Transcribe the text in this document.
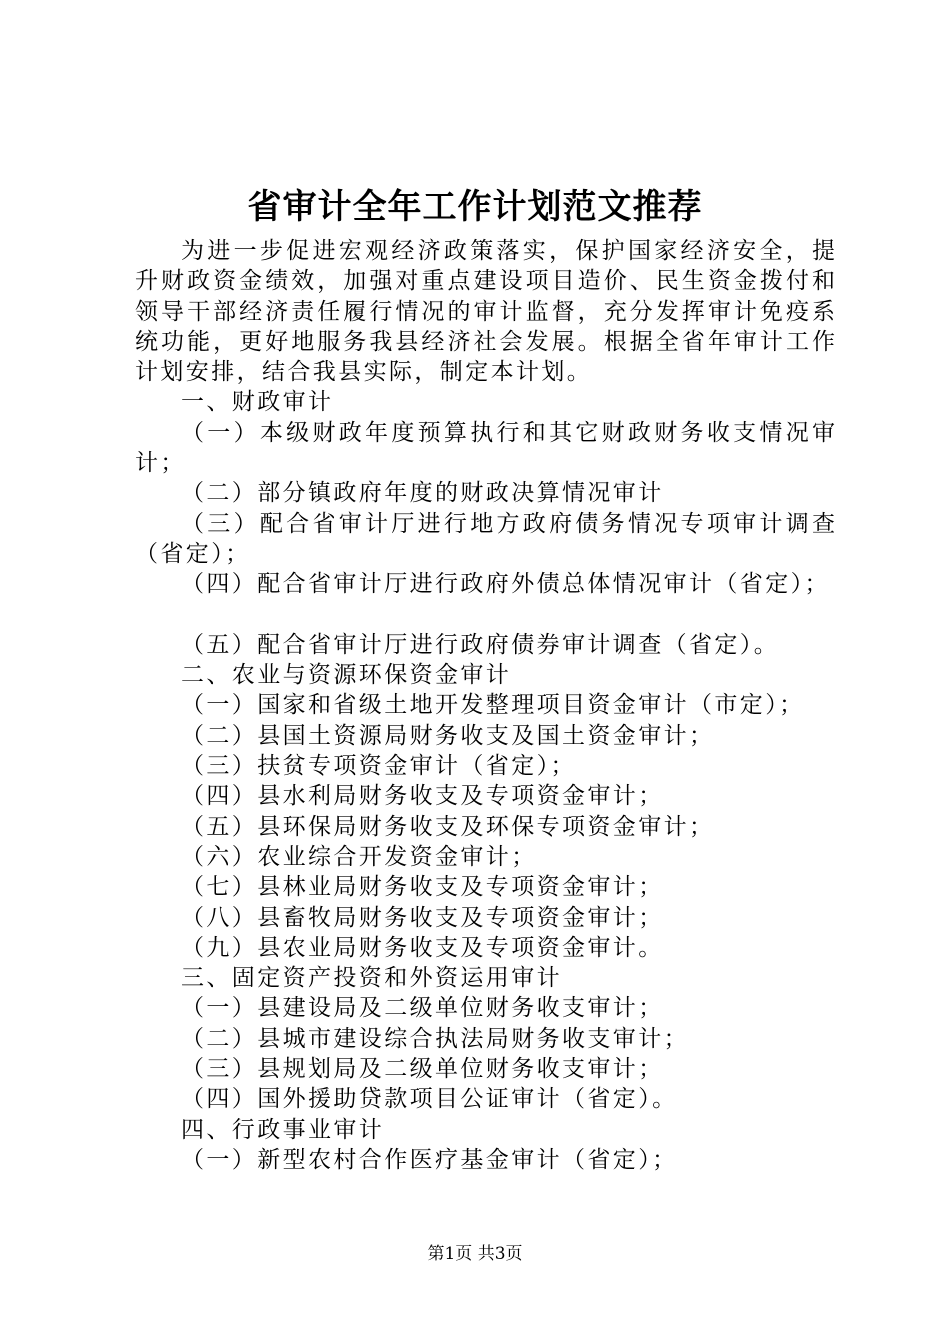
省审计全年工作计划范文推荐
为进一步促进宏观经济政策落实，保护国家经济安全，提
升财政资金绩效，加强对重点建设项目造价、民生资金拨付和
领导干部经济责任履行情况的审计监督，充分发挥审计免疫系
统功能，更好地服务我县经济社会发展。根据全省年审计工作
计划安排，结合我县实际，制定本计划。
一、财政审计
（一）本级财政年度预算执行和其它财政财务收支情况审
计；
（二）部分镇政府年度的财政决算情况审计
（三）配合省审计厅进行地方政府债务情况专项审计调查
（省定）；
（四）配合省审计厅进行政府外债总体情况审计（省定）；
（五）配合省审计厅进行政府债券审计调查（省定）。
二、农业与资源环保资金审计
（一）国家和省级土地开发整理项目资金审计（市定）；
（二）县国土资源局财务收支及国土资金审计；
（三）扶贫专项资金审计（省定）；
（四）县水利局财务收支及专项资金审计；
（五）县环保局财务收支及环保专项资金审计；
（六）农业综合开发资金审计；
（七）县林业局财务收支及专项资金审计；
（八）县畜牧局财务收支及专项资金审计；
（九）县农业局财务收支及专项资金审计。
三、固定资产投资和外资运用审计
（一）县建设局及二级单位财务收支审计；
（二）县城市建设综合执法局财务收支审计；
（三）县规划局及二级单位财务收支审计；
（四）国外援助贷款项目公证审计（省定）。
四、行政事业审计
（一）新型农村合作医疗基金审计（省定）；
第1页 共3页
